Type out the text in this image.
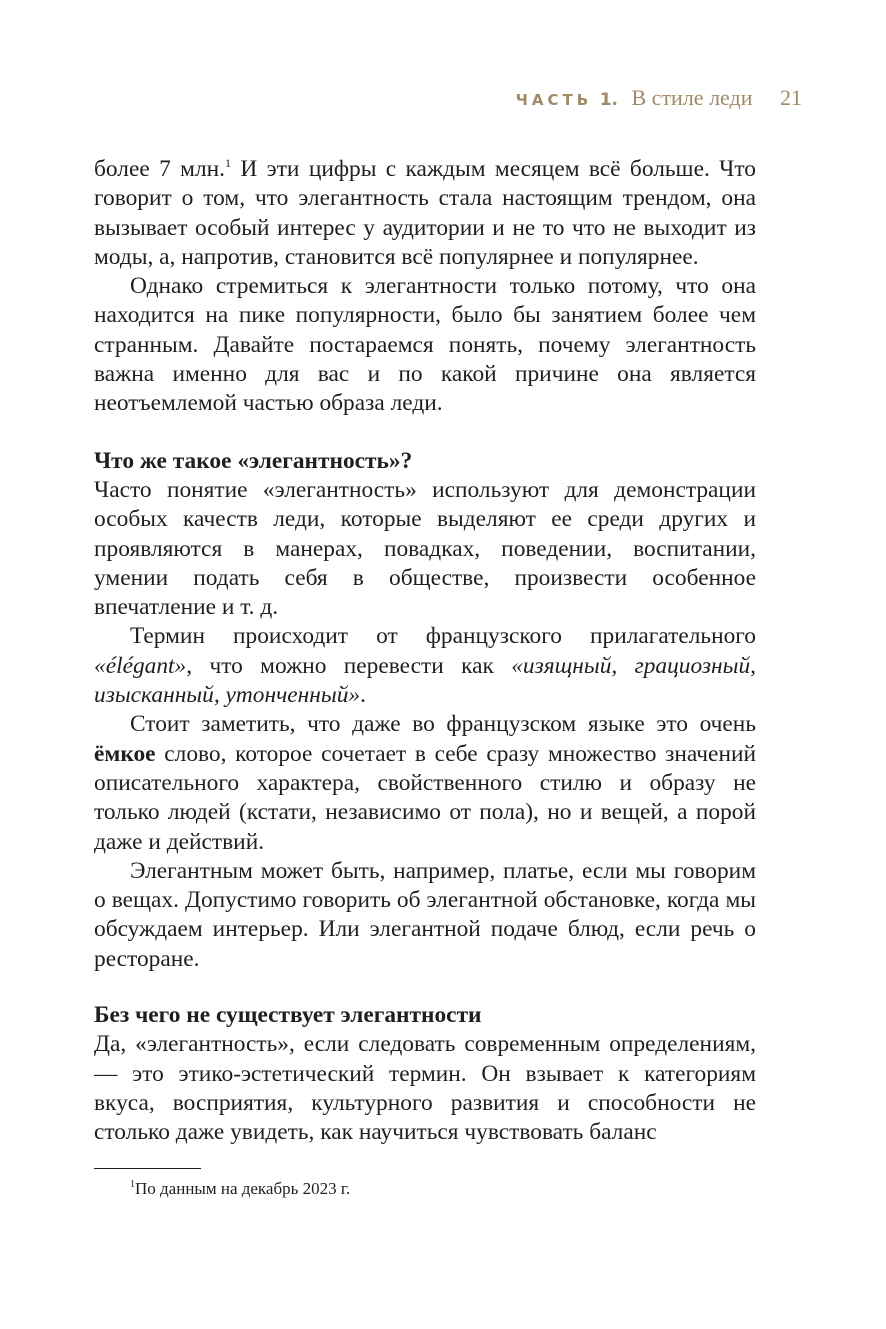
ЧАСТЬ 1. В стиле леди 21

более 7 млн.$^1$ И эти цифры с каждым месяцем всё больше. Что говорит о том, что элегантность стала настоящим трендом, она вызывает особый интерес у аудитории и не то что не выходит из моды, а, напротив, становится всё популярнее и популярнее.

Однако стремиться к элегантности только потому, что она находится на пике популярности, было бы занятием более чем странным. Давайте постараемся понять, почему элегантность важна именно для вас и по какой причине она является неотъемлемой частью образа леди.

Что же такое «элегантность»?

Часто понятие «элегантность» используют для демонстрации особых качеств леди, которые выделяют ее среди других и проявляются в манерах, повадках, поведении, воспитании, умении подать себя в обществе, произвести особенное впечатление и т. д.

Термин происходит от французского прилагательного «élégant», что можно перевести как «изящный, грациозный, изысканный, утонченный».

Стоит заметить, что даже во французском языке это очень ёмкое слово, которое сочетает в себе сразу множество значений описательного характера, свойственного стилю и образу не только людей (кстати, независимо от пола), но и вещей, а порой даже и действий.

Элегантным может быть, например, платье, если мы говорим о вещах. Допустимо говорить об элегантной обстановке, когда мы обсуждаем интерьер. Или элегантной подаче блюд, если речь о ресторане.

Без чего не существует элегантности

Да, «элегантность», если следовать современным определениям, — это этико-эстетический термин. Он взывает к категориям вкуса, восприятия, культурного развития и способности не столько даже увидеть, как научиться чувствовать баланс

$^1$По данным на декабрь 2023 г.
